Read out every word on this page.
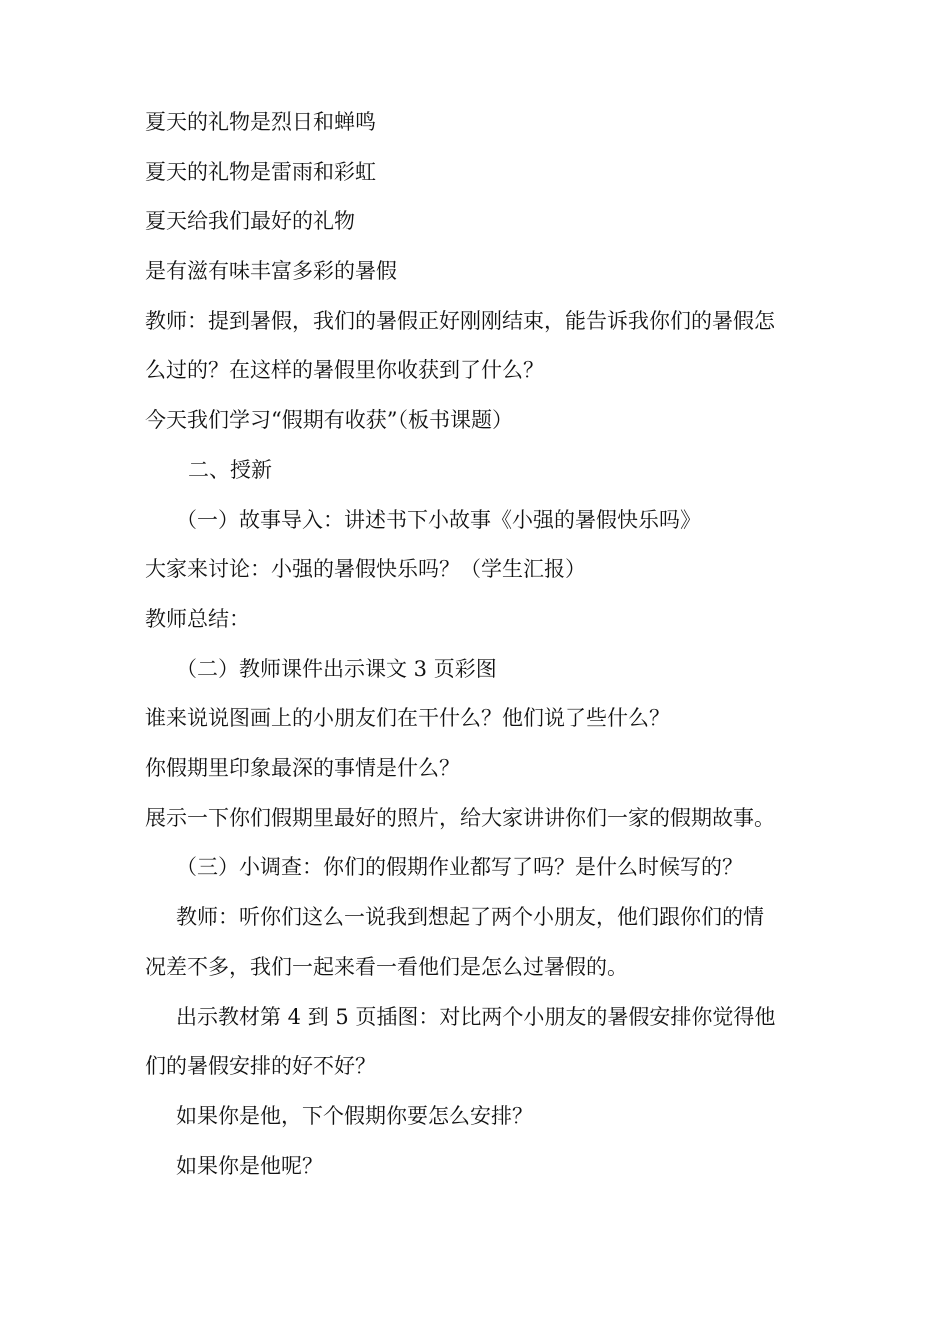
夏天的礼物是烈日和蝉鸣

夏天的礼物是雷雨和彩虹

夏天给我们最好的礼物

是有滋有味丰富多彩的暑假

教师：提到暑假，我们的暑假正好刚刚结束，能告诉我你们的暑假怎

么过的？在这样的暑假里你收获到了什么？

今天我们学习“假期有收获”（板书课题）

二、授新

（一）故事导入：讲述书下小故事《小强的暑假快乐吗》

大家来讨论：小强的暑假快乐吗？（学生汇报）

教师总结：

（二）教师课件出示课文 3 页彩图

谁来说说图画上的小朋友们在干什么？他们说了些什么？

你假期里印象最深的事情是什么？

展示一下你们假期里最好的照片，给大家讲讲你们一家的假期故事。

（三）小调查：你们的假期作业都写了吗？是什么时候写的？

教师：听你们这么一说我到想起了两个小朋友，他们跟你们的情

况差不多，我们一起来看一看他们是怎么过暑假的。

出示教材第 4 到 5 页插图：对比两个小朋友的暑假安排你觉得他

们的暑假安排的好不好？

如果你是他，下个假期你要怎么安排？

如果你是他呢？
